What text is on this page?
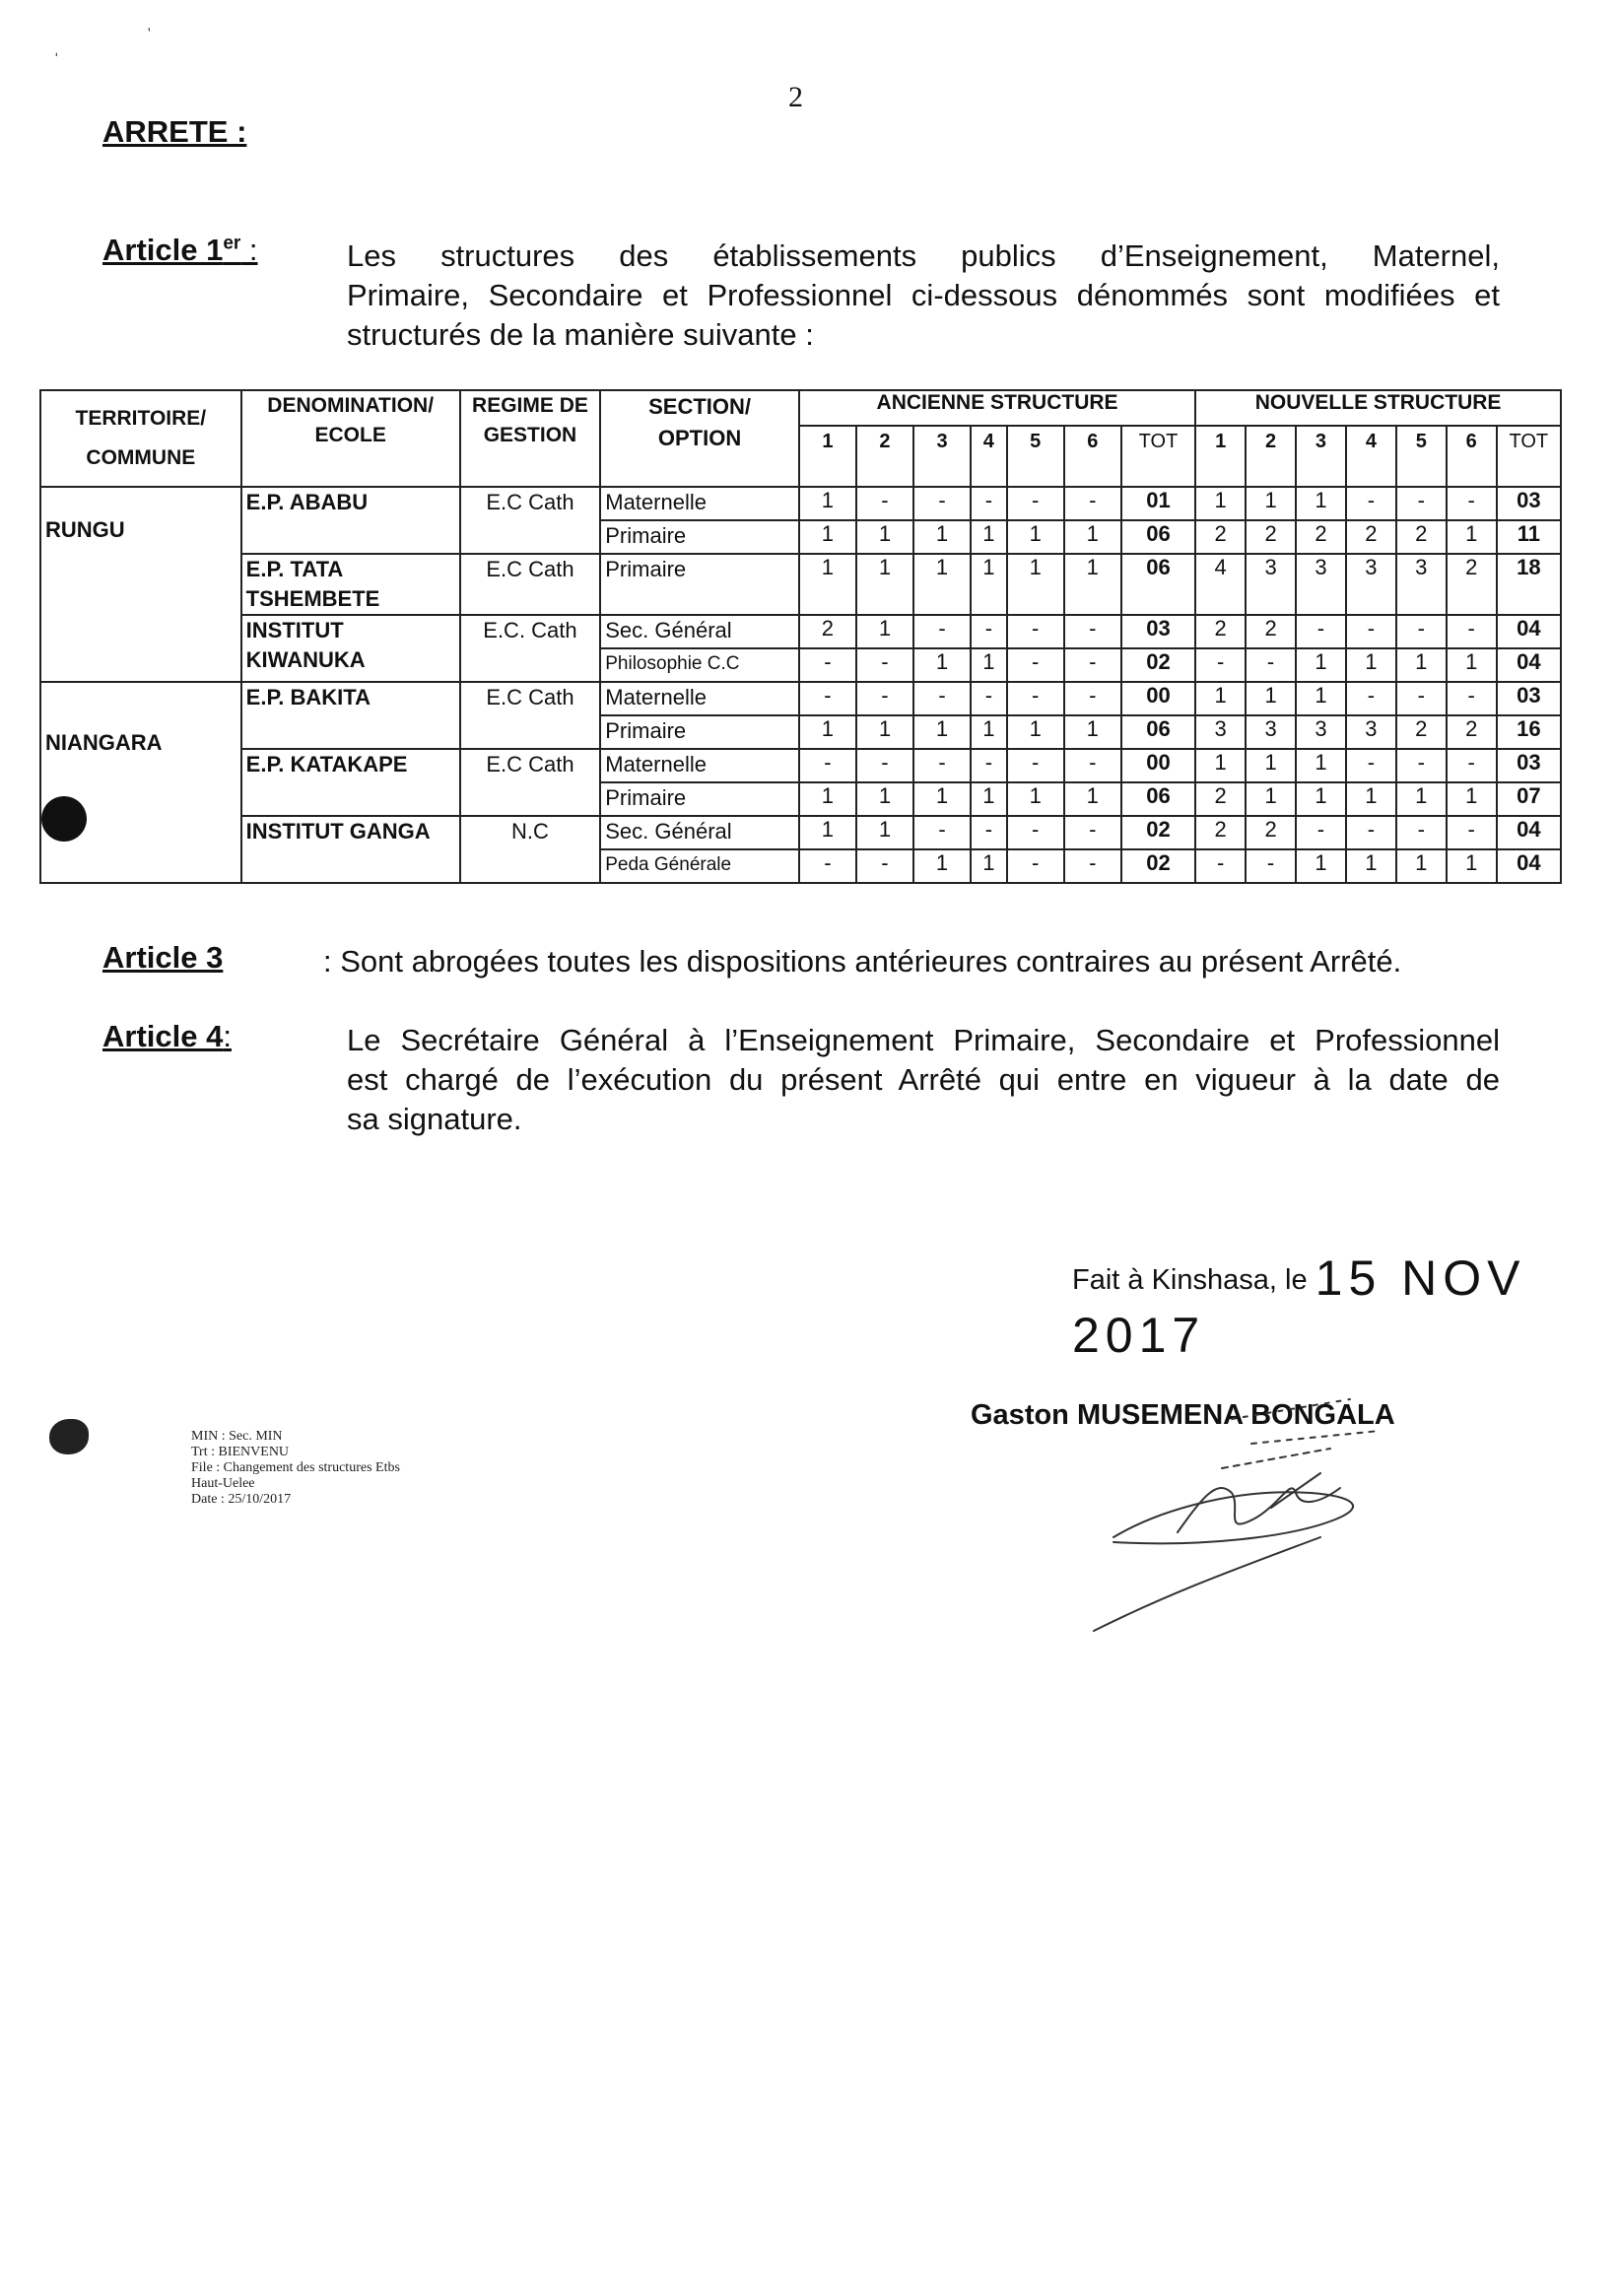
ˌ	ˈ
2
ARRETE :
Article 1er :	Les structures des établissements publics d’Enseignement, Maternel,
Primaire, Secondaire et Professionnel ci-dessous dénommés sont modifiées et
structurés de la manière suivante :
TERRITOIRE/ COMMUNE	DENOMINATION/ ECOLE	REGIME DE GESTION	SECTION/ OPTION	ANCIENNE STRUCTURE							NOUVELLE STRUCTURE						
				1	2	3	4	5	6	TOT	1	2	3	4	5	6	TOT
RUNGU	E.P. ABABU	E.C Cath	Maternelle	1	-	-	-	-	-	01	1	1	1	-	-	-	03
			Primaire	1	1	1	1	1	1	06	2	2	2	2	2	1	11
	E.P. TATA TSHEMBETE	E.C Cath	Primaire	1	1	1	1	1	1	06	4	3	3	3	3	2	18
	INSTITUT KIWANUKA	E.C. Cath	Sec. Général	2	1	-	-	-	-	03	2	2	-	-	-	-	04
			Philosophie C.C	-	-	1	1	-	-	02	-	-	1	1	1	1	04
NIANGARA	E.P. BAKITA	E.C Cath	Maternelle	-	-	-	-	-	-	00	1	1	1	-	-	-	03
			Primaire	1	1	1	1	1	1	06	3	3	3	3	2	2	16
	E.P. KATAKAPE	E.C Cath	Maternelle	-	-	-	-	-	-	00	1	1	1	-	-	-	03
			Primaire	1	1	1	1	1	1	06	2	1	1	1	1	1	07
	INSTITUT GANGA	N.C	Sec. Général	1	1	-	-	-	-	02	2	2	-	-	-	-	04
			Peda Générale	-	-	1	1	-	-	02	-	-	1	1	1	1	04
Article 3	: Sont abrogées toutes les dispositions antérieures contraires au présent Arrêté.
Article 4:	Le Secrétaire Général à l’Enseignement Primaire, Secondaire et Professionnel
est chargé de l’exécution du présent Arrêté qui entre en vigueur à la date de
sa signature.
Fait à Kinshasa, le 15 NOV 2017
Gaston MUSEMENA BONGALA
MIN : Sec. MIN
Trt : BIENVENU
File : Changement des structures Etbs
Haut-Uelee
Date : 25/10/2017
